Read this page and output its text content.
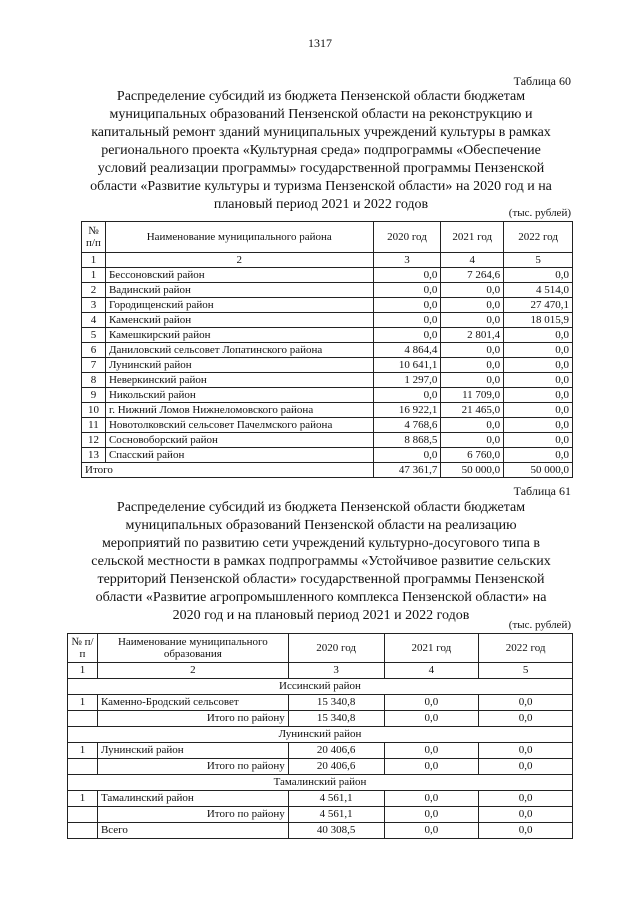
1317
Таблица 60
Распределение субсидий из бюджета Пензенской области бюджетам
муниципальных образований Пензенской области на реконструкцию и
капитальный ремонт зданий муниципальных учреждений культуры в рамках
регионального проекта «Культурная среда» подпрограммы «Обеспечение
условий реализации программы» государственной программы Пензенской
области «Развитие культуры и туризма Пензенской области» на 2020 год и на
плановый период 2021 и 2022 годов
(тыс. рублей)
№ п/п	Наименование муниципального района	2020 год	2021 год	2022 год
1	2	3	4	5
1	Бессоновский район	0,0	7 264,6	0,0
2	Вадинский район	0,0	0,0	4 514,0
3	Городищенский район	0,0	0,0	27 470,1
4	Каменский район	0,0	0,0	18 015,9
5	Камешкирский район	0,0	2 801,4	0,0
6	Даниловский сельсовет Лопатинского района	4 864,4	0,0	0,0
7	Лунинский район	10 641,1	0,0	0,0
8	Неверкинский район	1 297,0	0,0	0,0
9	Никольский район	0,0	11 709,0	0,0
10	г. Нижний Ломов Нижнеломовского района	16 922,1	21 465,0	0,0
11	Новотолковский сельсовет Пачелмского района	4 768,6	0,0	0,0
12	Сосновоборский район	8 868,5	0,0	0,0
13	Спасский район	0,0	6 760,0	0,0
Итого		47 361,7	50 000,0	50 000,0
Таблица 61
Распределение субсидий из бюджета Пензенской области бюджетам
муниципальных образований Пензенской области на реализацию
мероприятий по развитию сети учреждений культурно-досугового типа в
сельской местности в рамках подпрограммы «Устойчивое развитие сельских
территорий Пензенской области» государственной программы Пензенской
области «Развитие агропромышленного комплекса Пензенской области» на
2020 год и на плановый период 2021 и 2022 годов
(тыс. рублей)
№ п/п	Наименование муниципального образования	2020 год	2021 год	2022 год
1	2	3	4	5
Иссинский район				
1	Каменно-Бродский сельсовет	15 340,8	0,0	0,0
	Итого по району	15 340,8	0,0	0,0
Лунинский район				
1	Лунинский район	20 406,6	0,0	0,0
	Итого по району	20 406,6	0,0	0,0
Тамалинский район				
1	Тамалинский район	4 561,1	0,0	0,0
	Итого по району	4 561,1	0,0	0,0
	Всего	40 308,5	0,0	0,0
